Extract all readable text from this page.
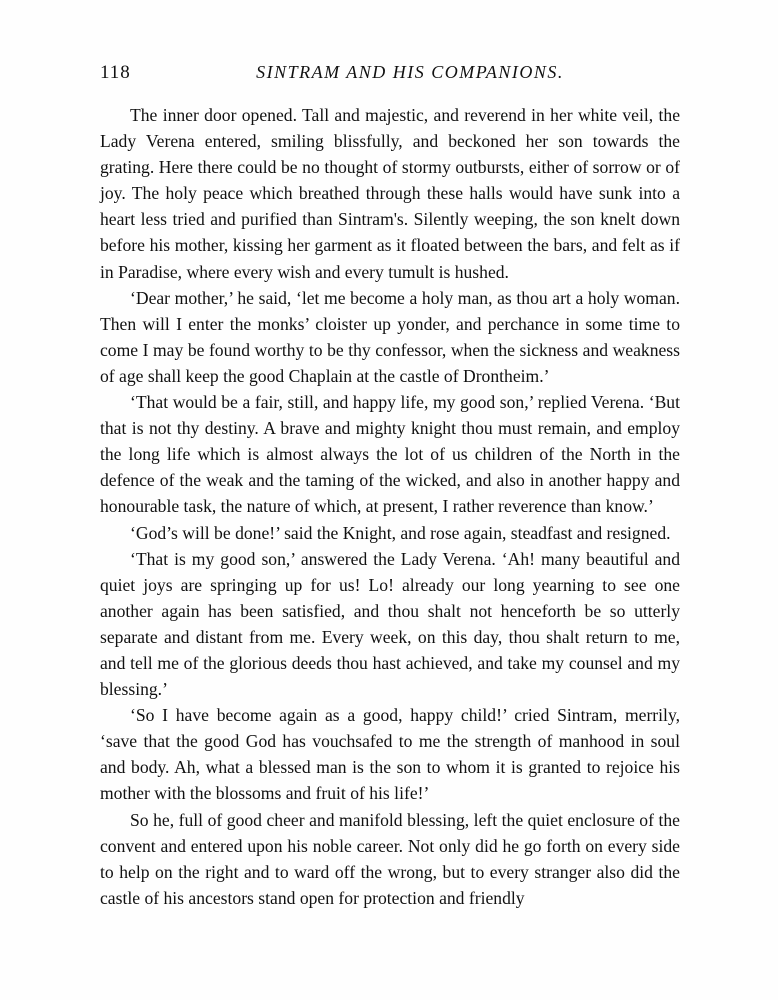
118	SINTRAM AND HIS COMPANIONS.

The inner door opened. Tall and majestic, and reverend in her white veil, the Lady Verena entered, smiling blissfully, and beckoned her son towards the grating. Here there could be no thought of stormy outbursts, either of sorrow or of joy. The holy peace which breathed through these halls would have sunk into a heart less tried and purified than Sintram's. Silently weeping, the son knelt down before his mother, kissing her garment as it floated between the bars, and felt as if in Paradise, where every wish and every tumult is hushed.

‘Dear mother,’ he said, ‘let me become a holy man, as thou art a holy woman. Then will I enter the monks’ cloister up yonder, and perchance in some time to come I may be found worthy to be thy confessor, when the sickness and weakness of age shall keep the good Chaplain at the castle of Drontheim.’

‘That would be a fair, still, and happy life, my good son,’ replied Verena. ‘But that is not thy destiny. A brave and mighty knight thou must remain, and employ the long life which is almost always the lot of us children of the North in the defence of the weak and the taming of the wicked, and also in another happy and honourable task, the nature of which, at present, I rather reverence than know.’

‘God’s will be done!’ said the Knight, and rose again, steadfast and resigned.

‘That is my good son,’ answered the Lady Verena. ‘Ah! many beautiful and quiet joys are springing up for us! Lo! already our long yearning to see one another again has been satisfied, and thou shalt not henceforth be so utterly separate and distant from me. Every week, on this day, thou shalt return to me, and tell me of the glorious deeds thou hast achieved, and take my counsel and my blessing.’

‘So I have become again as a good, happy child!’ cried Sintram, merrily, ‘save that the good God has vouchsafed to me the strength of manhood in soul and body. Ah, what a blessed man is the son to whom it is granted to rejoice his mother with the blossoms and fruit of his life!’

So he, full of good cheer and manifold blessing, left the quiet enclosure of the convent and entered upon his noble career. Not only did he go forth on every side to help on the right and to ward off the wrong, but to every stranger also did the castle of his ancestors stand open for protection and friendly
